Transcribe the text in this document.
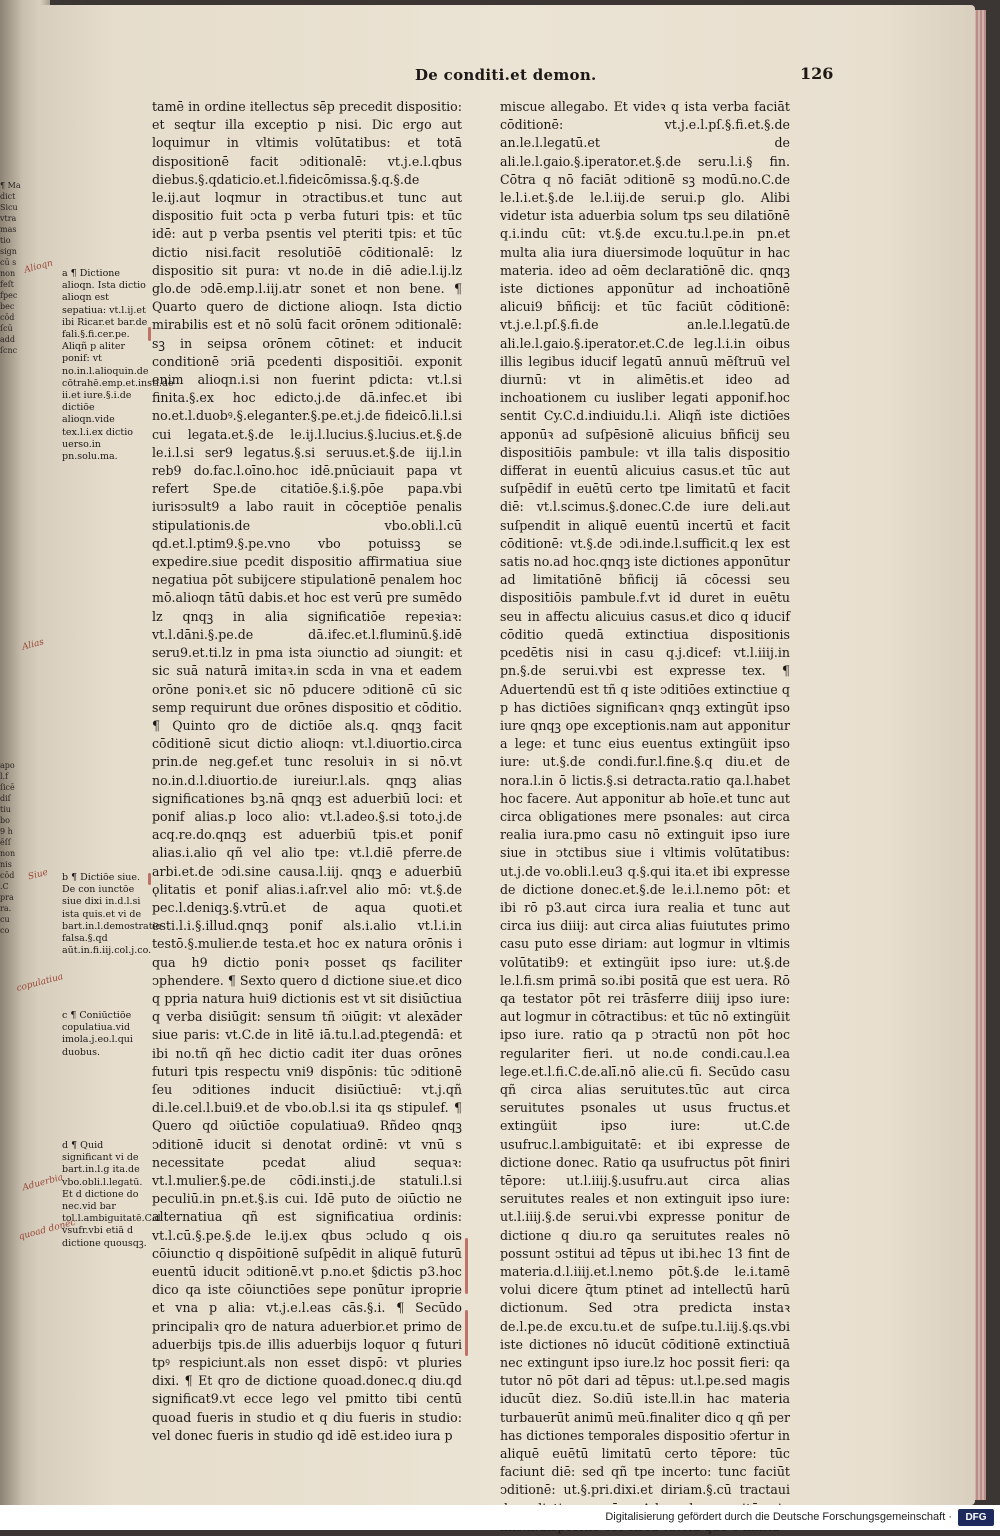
¶ Ma
dict
Sicu
vtra
mas
tio
sign
cū s
non
feſt
fpec
bec
cōd
ſcū
add
ſcnc
apo
l.f
ſicē
diſ
tiu
bo
9 h
ēſſ
non
nis
cōd
.C
pra
ra.
cu
co
De conditi.et demon.	126
a ¶ Dictione alioqn. Ista dictio alioqn est sepatiua: vt.l.ij.et ibi Ricar.et bar.de fali.§.fi.cer.pe. Aliqñ p aliter ponif: vt no.in.l.alioquin.de cōtrahē.emp.et.insti.de ii.et iure.§.i.de dictiōe alioqn.vide tex.l.i.ex dictio uerso.in pn.solu.ma.
b ¶ Dictiōe siue. De con iunctōe siue dixi in.d.l.si ista quis.et vi de bart.in.l.demostratio falsa.§.qd aūt.in.fi.iij.col.j.co.
c ¶ Coniūctiōe copulatiua.vid imola.j.eo.l.qui duobus.
d ¶ Quid significant vi de bart.in.l.g ita.de vbo.obli.l.legatū. Et d dictione do nec.vid bar tol.l.ambiguitatē.C.d vsufr.vbi etiā d dictione quousqꝫ.
tamē in ordine itellectus sēp precedit dispositio: et seqtur illa exceptio p nisi. Dic ergo aut loquimur in vltimis volūtatibus: et totā dispositionē facit ↄditionalē: vt.j.e.l.qbus diebus.§.qdaticio.et.l.fideicōmissa.§.q.§.de le.ij.aut loqmur in ↄtractibus.et tunc aut dispositio fuit ↄcta p verba futuri tpis: et tūc idē: aut p verba psentis vel pteriti tpis: et tūc dictio nisi.facit resolutiōē cōditionalē: lz dispositio sit pura: vt no.de in diē adie.l.ij.lz glo.de ↄdē.emp.l.iij.atr sonet et non bene. ¶ Quarto quero de dictione alioqn. Ista dictio mirabilis est et nō solū facit orōnem ↄditionalē: sꝫ in seipsa orōnem cōtinet: et inducit conditionē ↄriā pcedenti dispositiōi. exponit enim alioqn.i.si non fuerint pdicta: vt.l.si finita.§.ex hoc edicto.j.de dā.infec.et ibi no.et.l.duobꝰ.§.eleganter.§.pe.et.j.de fideicō.li.l.si cui legata.et.§.de le.ij.l.lucius.§.lucius.et.§.de le.i.l.si ser9 legatus.§.si seruus.et.§.de iij.l.in reb9 do.fac.l.oīno.hoc idē.pnūciauit papa vt refert Spe.de citatiōe.§.i.§.pōe papa.vbi iurisↄsult9 a labo rauit in cōceptiōe penalis stipulationis.de vbo.obli.l.cū qd.et.l.ptim9.§.pe.vno vbo potuissꝫ se expedire.siue pcedit dispositio affirmatiua siue negatiua pōt subijcere stipulationē penalem hoc mō.alioqn tātū dabis.et hoc est verū pre sumēdo lz qnqꝫ in alia significatiōe repeꝛiaꝛ: vt.l.dāni.§.pe.de dā.ifec.et.l.fluminū.§.idē seru9.et.ti.lz in pma ista ↄiunctio ad ↄiungit: et sic suā naturā imitaꝛ.in scda in vna et eadem orōne poniꝛ.et sic nō pducere ↄditionē cū sic semp requirunt due orōnes dispositio et cōditio. ¶ Quinto qro de dictiōe als.q. qnqꝫ facit cōditionē sicut dictio alioqn: vt.l.diuortio.circa prin.de neg.gef.et tunc resoluiꝛ in si nō.vt no.in.d.l.diuortio.de iureiur.l.als. qnqꝫ alias significationes bꝫ.nā qnqꝫ est aduerbiū loci: et ponif alias.p loco alio: vt.l.adeo.§.si toto.j.de acq.re.do.qnqꝫ est aduerbiū tpis.et ponif alias.i.alio qñ vel alio tpe: vt.l.diē pferre.de arbi.et.de ↄdi.sine causa.l.iij. qnqꝫ e aduerbiū ǫlitatis et ponif alias.i.aſr.vel alio mō: vt.§.de pec.l.deniqꝫ.§.vtrū.et de aqua quoti.et esti.l.i.§.illud.qnqꝫ ponif als.i.alio vt.l.i.in testō.§.mulier.de testa.et hoc ex natura orōnis i qua h9 dictio poniꝛ posset qs faciliter ↄphendere. ¶ Sexto quero d dictione siue.et dico q ppria natura hui9 dictionis est vt sit disiūctiua q verba disiūgit: sensum tñ ↄiūgit: vt alexāder siue paris: vt.C.de in litē iā.tu.l.ad.ptegendā: et ibi no.tñ qñ hec dictio cadit iter duas orōnes futuri tpis respectu vni9 dispōnis: tūc ↄditionē ſeu ↄditiones inducit disiūctiuē: vt.j.qñ di.le.cel.l.bui9.et de vbo.ob.l.si ita qs stipulef. ¶ Quero qd ↄiūctiōe copulatiua9. Rñdeo qnqꝫ ↄditionē iducit si denotat ordinē: vt vnū s necessitate pcedat aliud sequaꝛ: vt.l.mulier.§.pe.de cōdi.insti.j.de statuli.l.si peculiū.in pn.et.§.is cui. Idē puto de ↄiūctio ne alternatiua qñ est significatiua ordinis: vt.l.cū.§.pe.§.de le.ij.ex qbus ↄcludo q ois cōiunctio q dispōitionē suſpēdit in aliquē futurū euentū iducit ↄditionē.vt p.no.et §dictis p3.hoc dico qa iste cōiunctiōes sepe ponūtur iproprie et vna p alia: vt.j.e.l.eas cās.§.i. ¶ Secūdo principaliꝛ qro de natura aduerbior.et primo de aduerbijs tpis.de illis aduerbijs loquor q futuri tpꝰ respiciunt.als non esset dispō: vt pluries dixi. ¶ Et qro de dictione quoad.donec.q diu.qd significat9.vt ecce lego vel pmitto tibi centū quoad fueris in studio et q diu fueris in studio: vel donec fueris in studio qd idē est.ideo iura p
miscue allegabo. Et videꝛ q ista verba faciāt cōditionē: vt.j.e.l.pſ.§.fi.et.§.de an.le.l.legatū.et de ali.le.l.gaio.§.iperator.et.§.de seru.l.i.§ fin. Cōtra q nō faciāt ↄditionē sꝫ modū.no.C.de le.l.i.et.§.de le.l.iij.de serui.p glo. Alibi videtur ista aduerbia solum tps seu dilatiōnē q.i.indu cūt: vt.§.de excu.tu.l.pe.in pn.et multa alia iura diuersimode loquūtur in hac materia. ideo ad oēm declaratiōnē dic. qnqꝫ iste dictiones apponūtur ad inchoatiōnē alicui9 bñficij: et tūc faciūt cōditionē: vt.j.e.l.pſ.§.fi.de an.le.l.legatū.de ali.le.l.gaio.§.iperator.et.C.de leg.l.i.in oibus illis legibus iducif legatū annuū mēſtruū vel diurnū: vt in alimētis.et ideo ad inchoationem cu iusliber legati apponif.hoc sentit Cy.C.d.indiuidu.l.i. Aliqñ iste dictiōes apponūꝛ ad suſpēsionē alicuius bñficij seu dispositiōis pambule: vt illa talis dispositio differat in euentū alicuius casus.et tūc aut suſpēdif in euētū certo tpe limitatū et facit diē: vt.l.scimus.§.donec.C.de iure deli.aut suſpendit in aliquē euentū incertū et facit cōditionē: vt.§.de ↄdi.inde.l.sufficit.q lex est satis no.ad hoc.qnqꝫ iste dictiones apponūtur ad limitatiōnē bñficij iā cōcessi seu dispositiōis pambule.f.vt id duret in euētu seu in affectu alicuius casus.et dico q iducif cōditio quedā extinctiua dispositionis pcedētis nisi in casu q.j.dicef: vt.l.iiij.in pn.§.de serui.vbi est expresse tex. ¶ Aduertendū est tñ q iste ↄditiōes extinctiue q p has dictiōes significanꝛ qnqꝫ extingūt ipso iure qnqꝫ ope exceptionis.nam aut apponitur a lege: et tunc eius euentus extingüit ipso iure: ut.§.de condi.fur.l.fine.§.q diu.et de nora.l.in ō lictis.§.si detracta.ratio qa.l.habet hoc facere. Aut apponitur ab hoīe.et tunc aut circa obligationes mere psonales: aut circa realia iura.pmo casu nō extinguit ipso iure siue in ↄtctibus siue i vltimis volūtatibus: ut.j.de vo.obli.l.eu3 q.§.qui ita.et ibi expresse de dictione donec.et.§.de le.i.l.nemo pōt: et ibi rō p3.aut circa iura realia et tunc aut circa ius diiij: aut circa alias fuiututes primo casu puto esse diriam: aut logmur in vltimis volūtatib9: et extingüit ipso iure: ut.§.de le.l.fi.sm primā so.ibi positā que est uera. Rō qa testator pōt rei trāsferre diiij ipso iure: aut logmur in cōtractibus: et tūc nō extingüit ipso iure. ratio qa p ↄtractū non pōt hoc regulariter fieri. ut no.de condi.cau.l.ea lege.et.l.fi.C.de.alī.nō alie.cū fi. Secūdo casu qñ circa alias seruitutes.tūc aut circa seruitutes psonales ut usus fructus.et extingüit ipso iure: ut.C.de usufruc.l.ambiguitatē: et ibi expresse de dictione donec. Ratio qa usufructus pōt finiri tēpore: ut.l.iiij.§.usufru.aut circa alias seruitutes reales et non extinguit ipso iure: ut.l.iiij.§.de serui.vbi expresse ponitur de dictione q diu.ro qa seruitutes reales nō possunt ↄstitui ad tēpus ut ibi.hec 13 fint de materia.d.l.iiij.et.l.nemo pōt.§.de le.i.tamē volui dicere q̄tum ptinet ad intellectū harū dictionum. Sed ↄtra predicta instaꝛ de.l.pe.de excu.tu.et de suſpe.tu.l.iij.§.qs.vbi iste dictiones nō iducūt cōditionē extinctiuā nec extingunt ipso iure.lz hoc possit fieri: qa tutor nō pōt dari ad tēpus: ut.l.pe.sed magis iducūt diez. So.diū iste.ll.in hac materia turbauerūt animū meū.finaliter dico q qñ per has dictiones temporales dispositio ↄfertur in aliquē euētū limitatū certo tēpore: tūc faciunt diē: sed qñ tpe incerto: tunc faciūt ↄditionē: ut.§.pri.dixi.et diriam.§.cū tractaui
Alioqn
Alias
Siue
copulatiua
Aduerbia
quoad donec
Digitalisierung gefördert durch die Deutsche Forschungsgemeinschaft ·	DFG
